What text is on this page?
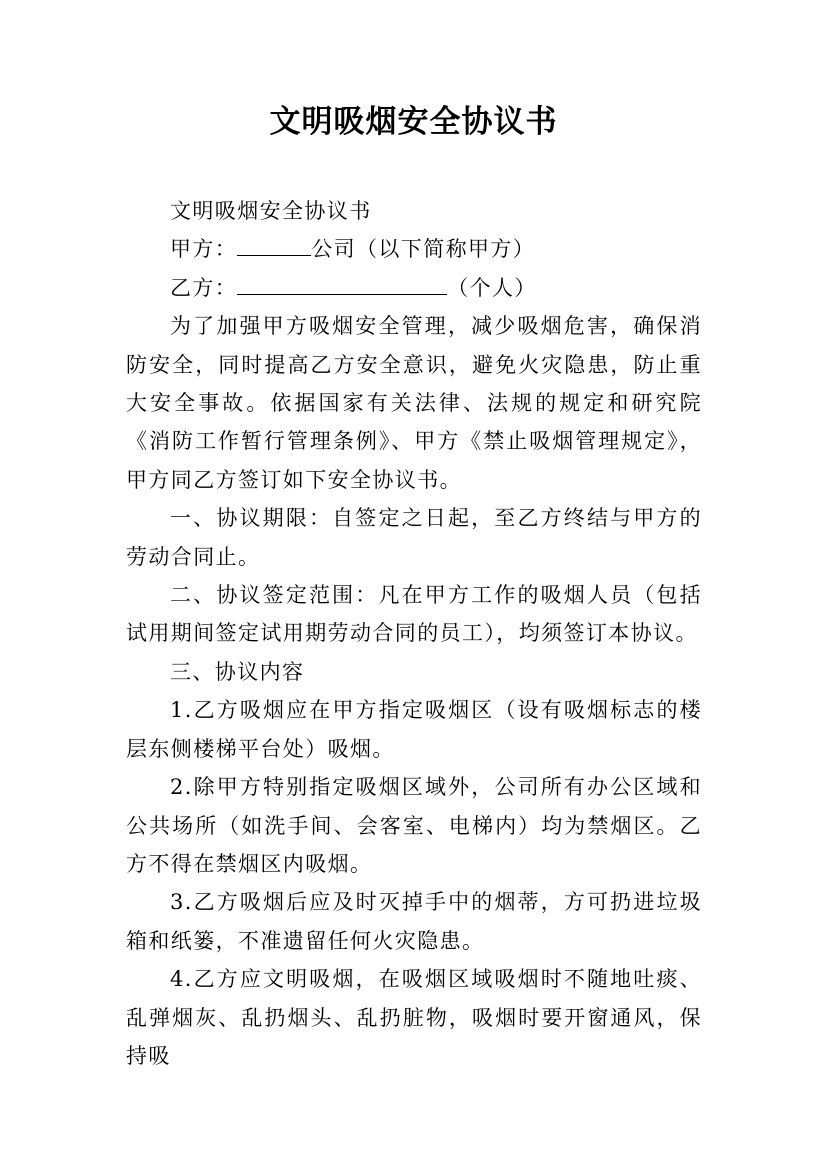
文明吸烟安全协议书

文明吸烟安全协议书

甲方：	公司（以下简称甲方）

乙方：	（个人）

为了加强甲方吸烟安全管理，减少吸烟危害，确保消防安全，同时提高乙方安全意识，避免火灾隐患，防止重大安全事故。依据国家有关法律、法规的规定和研究院《消防工作暂行管理条例》、甲方《禁止吸烟管理规定》，甲方同乙方签订如下安全协议书。

一、协议期限：自签定之日起，至乙方终结与甲方的劳动合同止。

二、协议签定范围：凡在甲方工作的吸烟人员（包括试用期间签定试用期劳动合同的员工），均须签订本协议。

三、协议内容

1.乙方吸烟应在甲方指定吸烟区（设有吸烟标志的楼层东侧楼梯平台处）吸烟。

2.除甲方特别指定吸烟区域外，公司所有办公区域和公共场所（如洗手间、会客室、电梯内）均为禁烟区。乙方不得在禁烟区内吸烟。

3.乙方吸烟后应及时灭掉手中的烟蒂，方可扔进垃圾箱和纸篓，不准遗留任何火灾隐患。

4.乙方应文明吸烟，在吸烟区域吸烟时不随地吐痰、乱弹烟灰、乱扔烟头、乱扔脏物，吸烟时要开窗通风，保持吸
